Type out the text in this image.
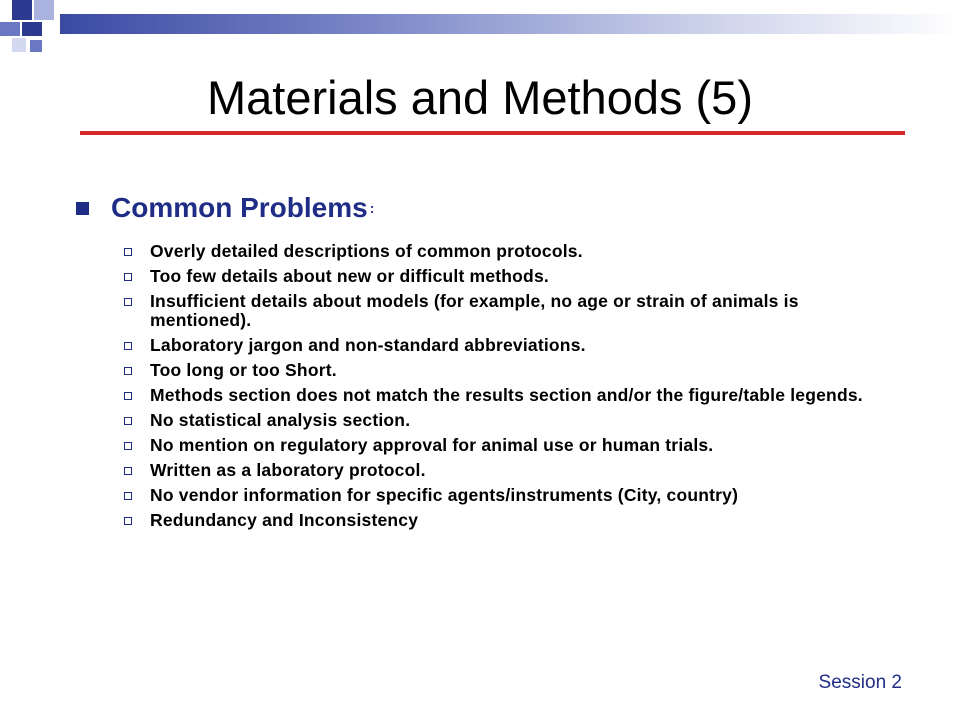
Materials and Methods (5)
Common Problems :
Overly detailed descriptions of common protocols.
Too few details about new or difficult methods.
Insufficient details about models (for example, no age or strain of animals is mentioned).
Laboratory jargon and non-standard abbreviations.
Too long or too Short.
Methods section does not match the results section and/or the figure/table legends.
No statistical analysis section.
No mention on regulatory approval for animal use or human trials.
Written as a laboratory protocol.
No vendor information for specific agents/instruments (City, country)
Redundancy and Inconsistency
Session 2
